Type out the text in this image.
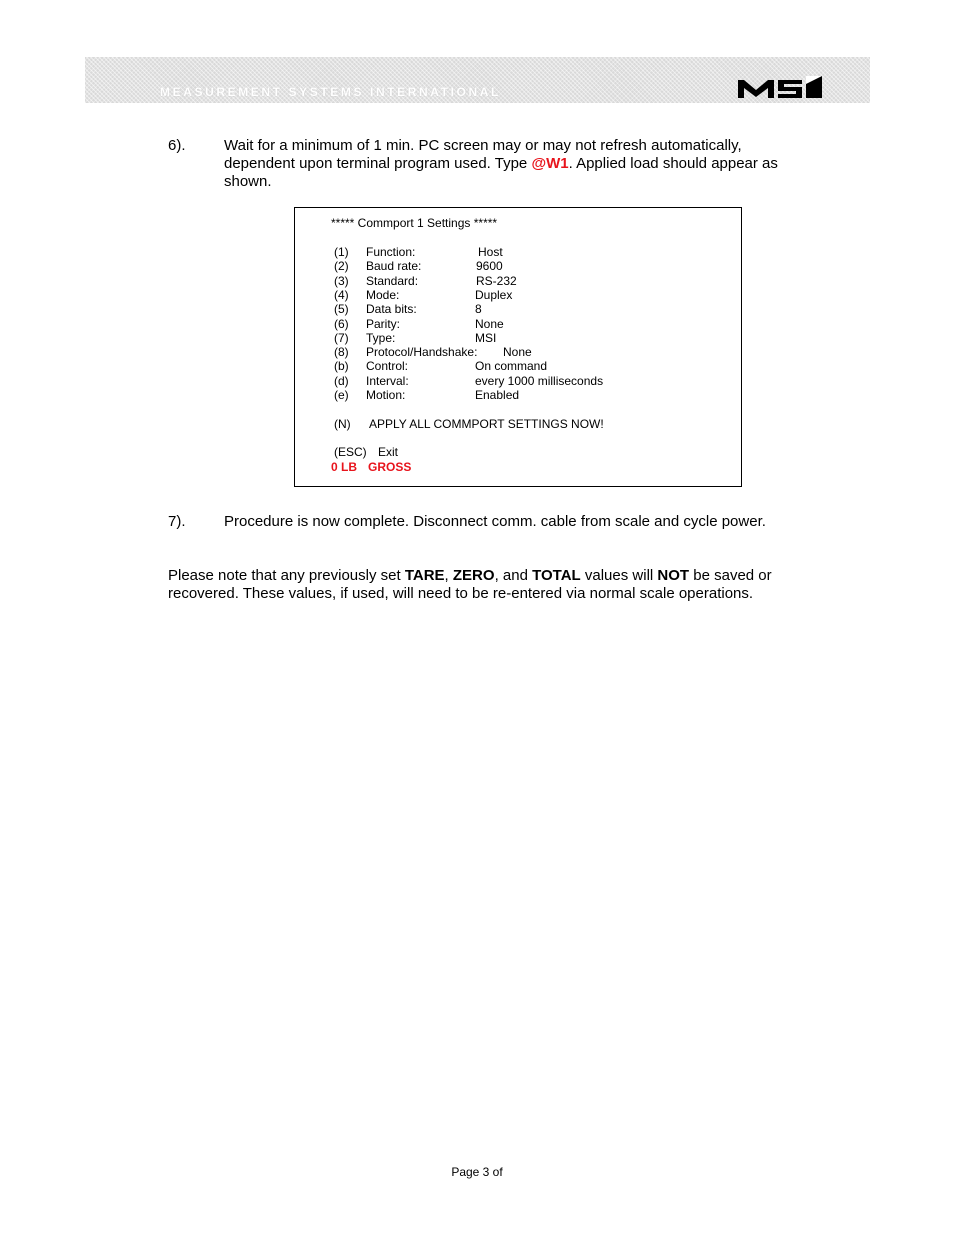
MEASUREMENT SYSTEMS INTERNATIONAL
6).	Wait for a minimum of 1 min. PC screen may or may not refresh automatically,
dependent upon terminal program used. Type @W1. Applied load should appear as
shown.
***** Commport 1 Settings *****
(1) Function:	Host
(2) Baud rate:	9600
(3) Standard:	RS-232
(4) Mode:	Duplex
(5) Data bits:	8
(6) Parity:	None
(7) Type:	MSI
(8) Protocol/Handshake: None
(b) Control:	On command
(d) Interval:	every 1000 milliseconds
(e) Motion:	Enabled
(N) APPLY ALL COMMPORT SETTINGS NOW!
(ESC) Exit
0 LB GROSS
7).	Procedure is now complete. Disconnect comm. cable from scale and cycle power.
Please note that any previously set TARE, ZERO, and TOTAL values will NOT be saved or recovered. These values, if used, will need to be re-entered via normal scale operations.
Page 3 of
